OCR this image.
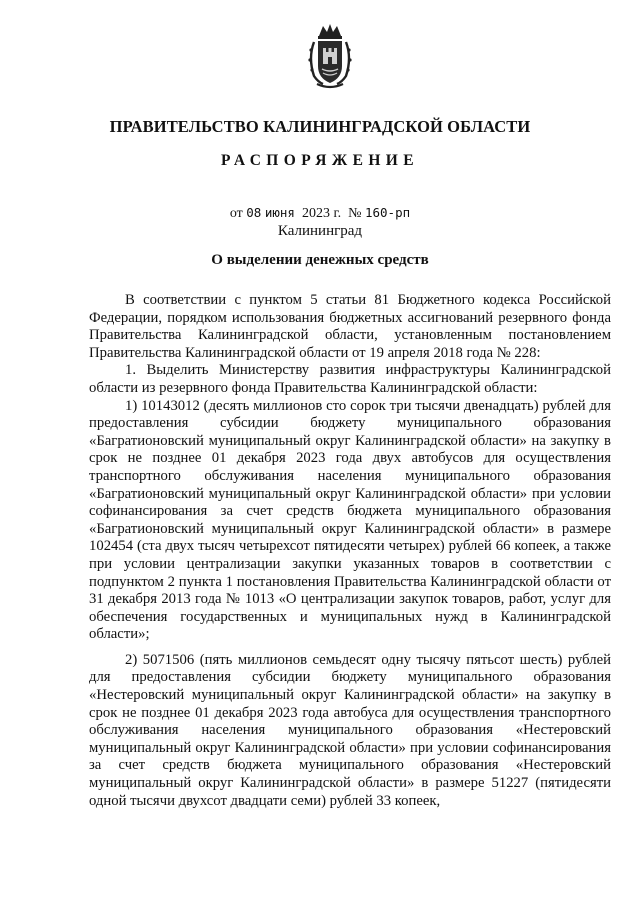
ПРАВИТЕЛЬСТВО КАЛИНИНГРАДСКОЙ ОБЛАСТИ
РАСПОРЯЖЕНИЕ
от 08 июня 2023 г. № 160-рп
Калининград
О выделении денежных средств

В соответствии с пунктом 5 статьи 81 Бюджетного кодекса Российской Федерации, порядком использования бюджетных ассигнований резервного фонда Правительства Калининградской области, установленным постановлением Правительства Калининградской области от 19 апреля 2018 года № 228:

1. Выделить Министерству развития инфраструктуры Калининградской области из резервного фонда Правительства Калининградской области:

1) 10143012 (десять миллионов сто сорок три тысячи двенадцать) рублей для предоставления субсидии бюджету муниципального образования «Багратионовский муниципальный округ Калининградской области» на закупку в срок не позднее 01 декабря 2023 года двух автобусов для осуществления транспортного обслуживания населения муниципального образования «Багратионовский муниципальный округ Калининградской области» при условии софинансирования за счет средств бюджета муниципального образования «Багратионовский муниципальный округ Калининградской области» в размере 102454 (ста двух тысяч четырехсот пятидесяти четырех) рублей 66 копеек, а также при условии централизации закупки указанных товаров в соответствии с подпунктом 2 пункта 1 постановления Правительства Калининградской области от 31 декабря 2013 года № 1013 «О централизации закупок товаров, работ, услуг для обеспечения государственных и муниципальных нужд в Калининградской области»;

2) 5071506 (пять миллионов семьдесят одну тысячу пятьсот шесть) рублей для предоставления субсидии бюджету муниципального образования «Нестеровский муниципальный округ Калининградской области» на закупку в срок не позднее 01 декабря 2023 года автобуса для осуществления транспортного обслуживания населения муниципального образования «Нестеровский муниципальный округ Калининградской области» при условии софинансирования за счет средств бюджета муниципального образования «Нестеровский муниципальный округ Калининградской области» в размере 51227 (пятидесяти одной тысячи двухсот двадцати семи) рублей 33 копеек,
